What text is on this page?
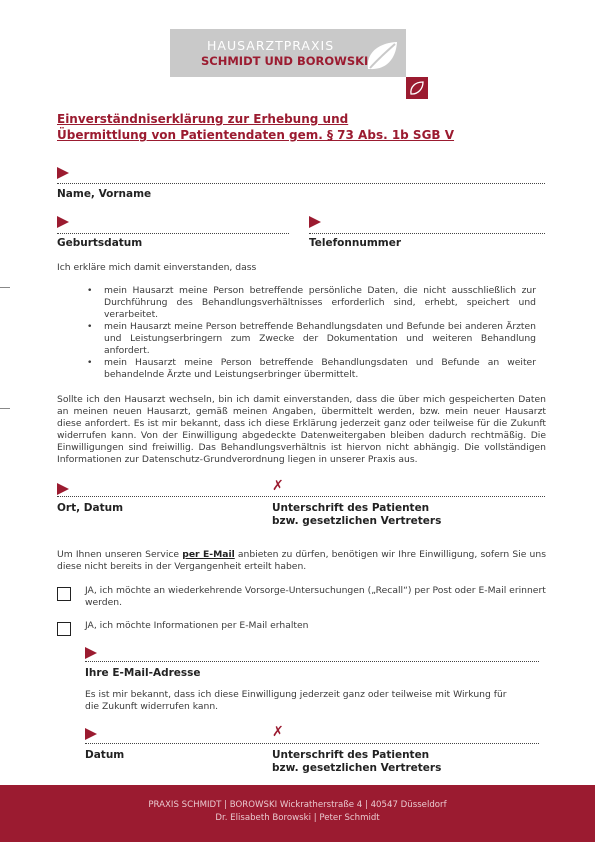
HAUSARZTPRAXIS
SCHMIDT UND BOROWSKI
Einverständniserklärung zur Erhebung und
Übermittlung von Patientendaten gem. § 73 Abs. 1b SGB V
Name, Vorname
Geburtsdatum	Telefonnummer
Ich erkläre mich damit einverstanden, dass
• mein Hausarzt meine Person betreffende persönliche Daten, die nicht ausschließlich zur Durchführung des Behandlungsverhältnisses erforderlich sind, erhebt, speichert und verarbeitet.
• mein Hausarzt meine Person betreffende Behandlungsdaten und Befunde bei anderen Ärzten und Leistungserbringern zum Zwecke der Dokumentation und weiteren Behandlung anfordert.
• mein Hausarzt meine Person betreffende Behandlungsdaten und Befunde an weiter behandelnde Ärzte und Leistungserbringer übermittelt.
Sollte ich den Hausarzt wechseln, bin ich damit einverstanden, dass die über mich gespeicherten Daten an meinen neuen Hausarzt, gemäß meinen Angaben, übermittelt werden, bzw. mein neuer Hausarzt diese anfordert. Es ist mir bekannt, dass ich diese Erklärung jederzeit ganz oder teilweise für die Zukunft widerrufen kann. Von der Einwilligung abgedeckte Datenweitergaben bleiben dadurch rechtmäßig. Die Einwilligungen sind freiwillig. Das Behandlungsverhältnis ist hiervon nicht abhängig. Die vollständigen Informationen zur Datenschutz-Grundverordnung liegen in unserer Praxis aus.
Ort, Datum
✗
Unterschrift des Patienten
bzw. gesetzlichen Vertreters
Um Ihnen unseren Service per E-Mail anbieten zu dürfen, benötigen wir Ihre Einwilligung, sofern Sie uns diese nicht bereits in der Vergangenheit erteilt haben.
JA, ich möchte an wiederkehrende Vorsorge-Untersuchungen („Recall“) per Post oder E-Mail erinnert werden.
JA, ich möchte Informationen per E-Mail erhalten
Ihre E-Mail-Adresse
Es ist mir bekannt, dass ich diese Einwilligung jederzeit ganz oder teilweise mit Wirkung für die Zukunft widerrufen kann.
Datum
✗
Unterschrift des Patienten
bzw. gesetzlichen Vertreters
PRAXIS SCHMIDT | BOROWSKI Wickratherstraße 4 | 40547 Düsseldorf
Dr. Elisabeth Borowski | Peter Schmidt
